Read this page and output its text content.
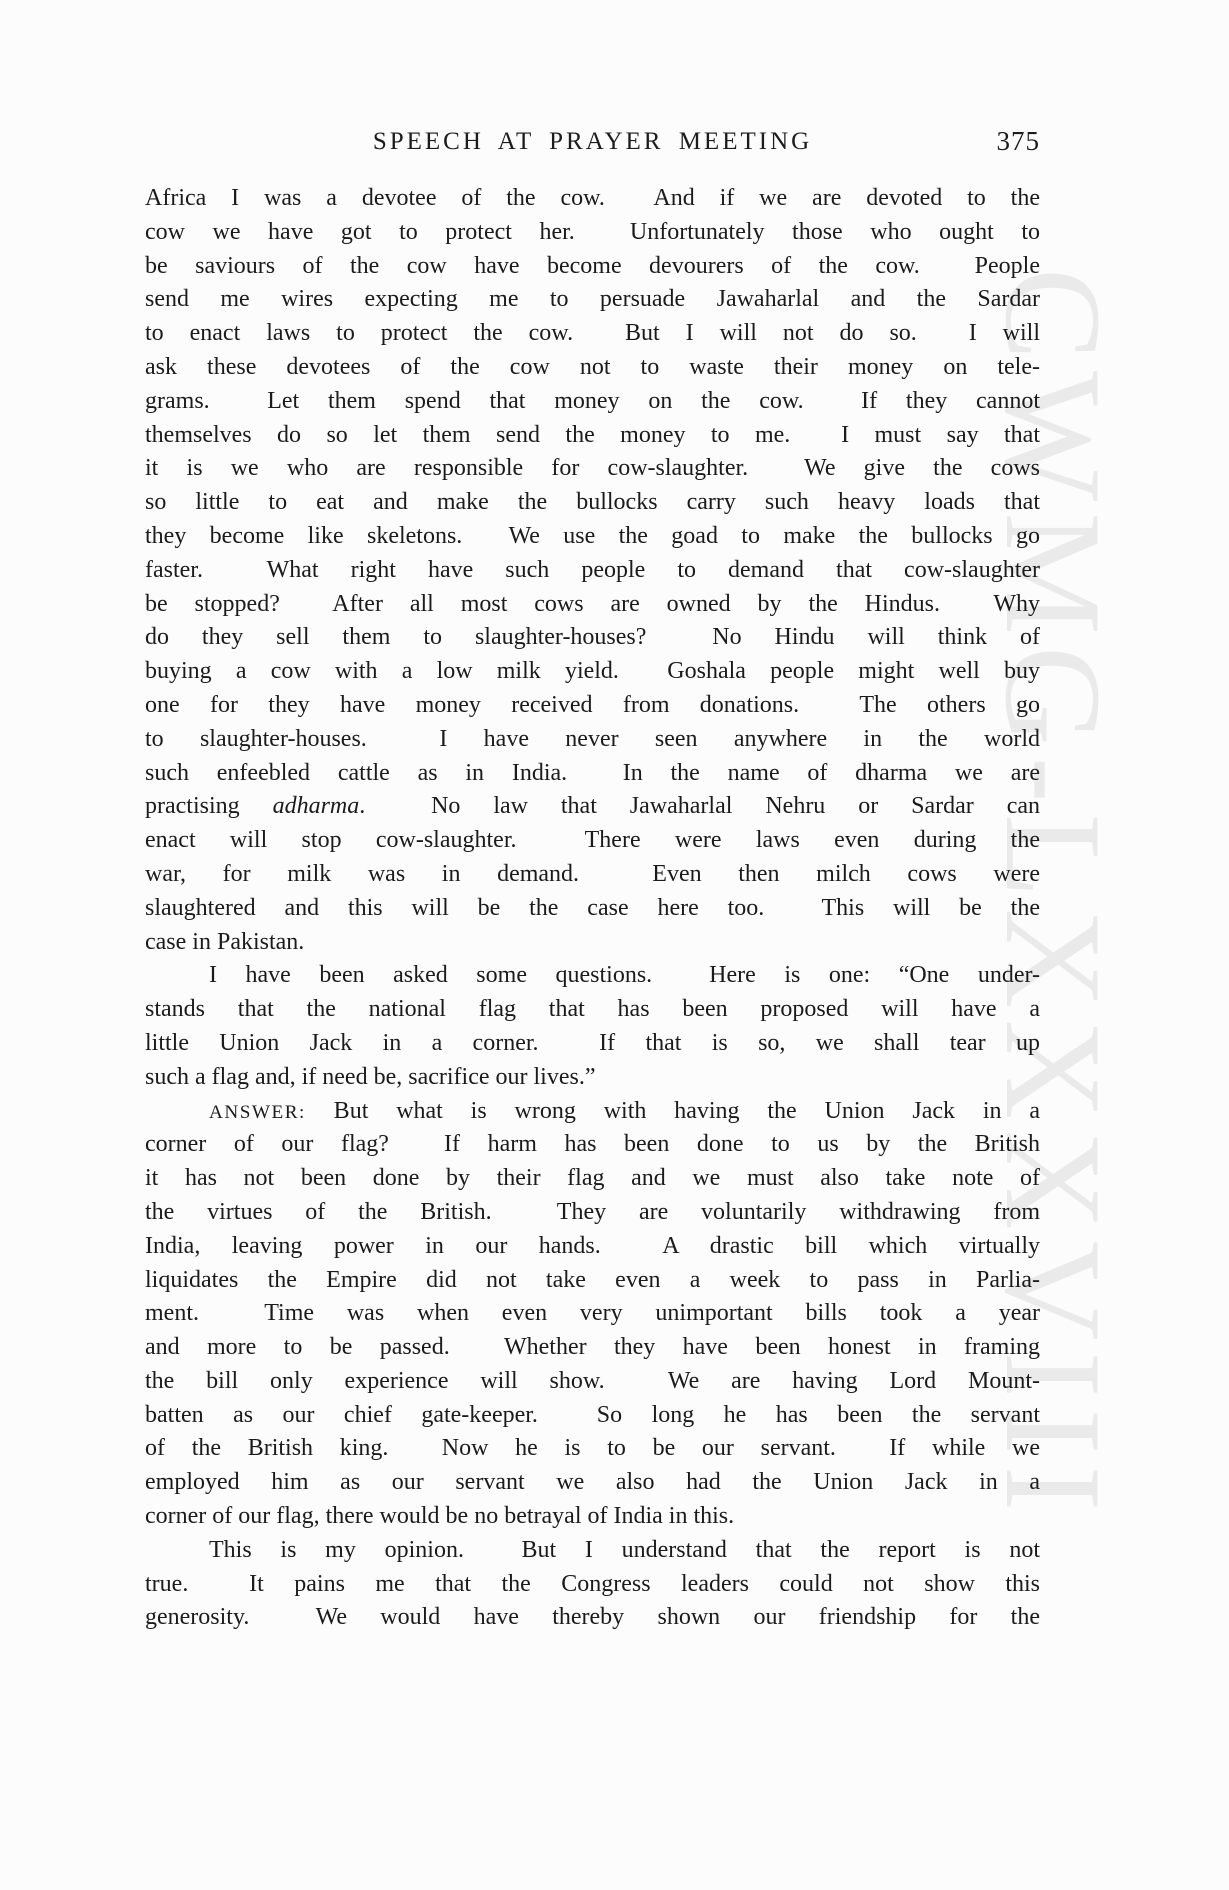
CWMG-LXXXVIII
SPEECH AT PRAYER MEETING	375
Africa I was a devotee of the cow.  And if we are devoted to the
cow we have got to protect her.  Unfortunately those who ought to
be saviours of the cow have become devourers of the cow.  People
send me wires expecting me to persuade Jawaharlal and the Sardar
to enact laws to protect the cow.  But I will not do so.  I will
ask these devotees of the cow not to waste their money on tele-
grams.  Let them spend that money on the cow.  If they cannot
themselves do so let them send the money to me.  I must say that
it is we who are responsible for cow-slaughter.  We give the cows
so little to eat and make the bullocks carry such heavy loads that
they become like skeletons.  We use the goad to make the bullocks go
faster.  What right have such people to demand that cow-slaughter
be stopped?  After all most cows are owned by the Hindus.  Why
do they sell them to slaughter-houses?  No Hindu will think of
buying a cow with a low milk yield.  Goshala people might well buy
one for they have money received from donations.  The others go
to slaughter-houses.  I have never seen anywhere in the world
such enfeebled cattle as in India.  In the name of dharma we are
practising adharma.  No law that Jawaharlal Nehru or Sardar can
enact will stop cow-slaughter.  There were laws even during the
war, for milk was in demand.  Even then milch cows were
slaughtered and this will be the case here too.  This will be the
case in Pakistan.
I have been asked some questions.  Here is one: “One under-
stands that the national flag that has been proposed will have a
little Union Jack in a corner.  If that is so, we shall tear up
such a flag and, if need be, sacrifice our lives.”
ANSWER: But what is wrong with having the Union Jack in a
corner of our flag?  If harm has been done to us by the British
it has not been done by their flag and we must also take note of
the virtues of the British.  They are voluntarily withdrawing from
India, leaving power in our hands.  A drastic bill which virtually
liquidates the Empire did not take even a week to pass in Parlia-
ment.  Time was when even very unimportant bills took a year
and more to be passed.  Whether they have been honest in framing
the bill only experience will show.  We are having Lord Mount-
batten as our chief gate-keeper.  So long he has been the servant
of the British king.  Now he is to be our servant.  If while we
employed him as our servant we also had the Union Jack in a
corner of our flag, there would be no betrayal of India in this.
This is my opinion.  But I understand that the report is not
true.  It pains me that the Congress leaders could not show this
generosity.  We would have thereby shown our friendship for the
